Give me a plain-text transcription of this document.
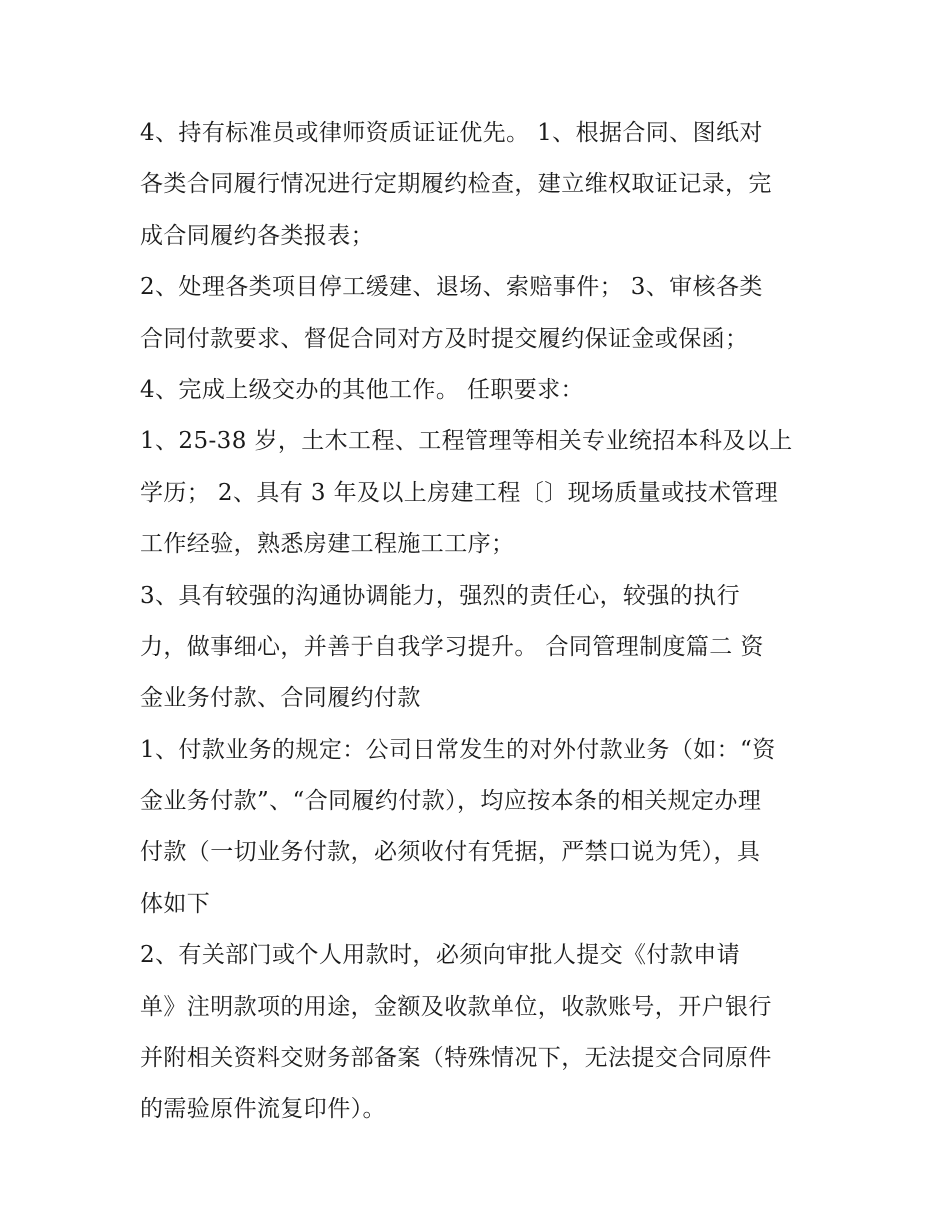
4、持有标准员或律师资质证证优先。 1、根据合同、图纸对
各类合同履行情况进行定期履约检查，建立维权取证记录，完
成合同履约各类报表；
2、处理各类项目停工缓建、退场、索赔事件； 3、审核各类
合同付款要求、督促合同对方及时提交履约保证金或保函；
4、完成上级交办的其他工作。 任职要求：
1、25-38 岁，土木工程、工程管理等相关专业统招本科及以上
学历； 2、具有 3 年及以上房建工程〔〕现场质量或技术管理
工作经验，熟悉房建工程施工工序；
3、具有较强的沟通协调能力，强烈的责任心，较强的执行
力，做事细心，并善于自我学习提升。 合同管理制度篇二 资
金业务付款、合同履约付款
1、付款业务的规定：公司日常发生的对外付款业务（如：“资
金业务付款”、“合同履约付款），均应按本条的相关规定办理
付款（一切业务付款，必须收付有凭据，严禁口说为凭），具
体如下
2、有关部门或个人用款时，必须向审批人提交《付款申请
单》注明款项的用途，金额及收款单位，收款账号，开户银行
并附相关资料交财务部备案（特殊情况下，无法提交合同原件
的需验原件流复印件）。
